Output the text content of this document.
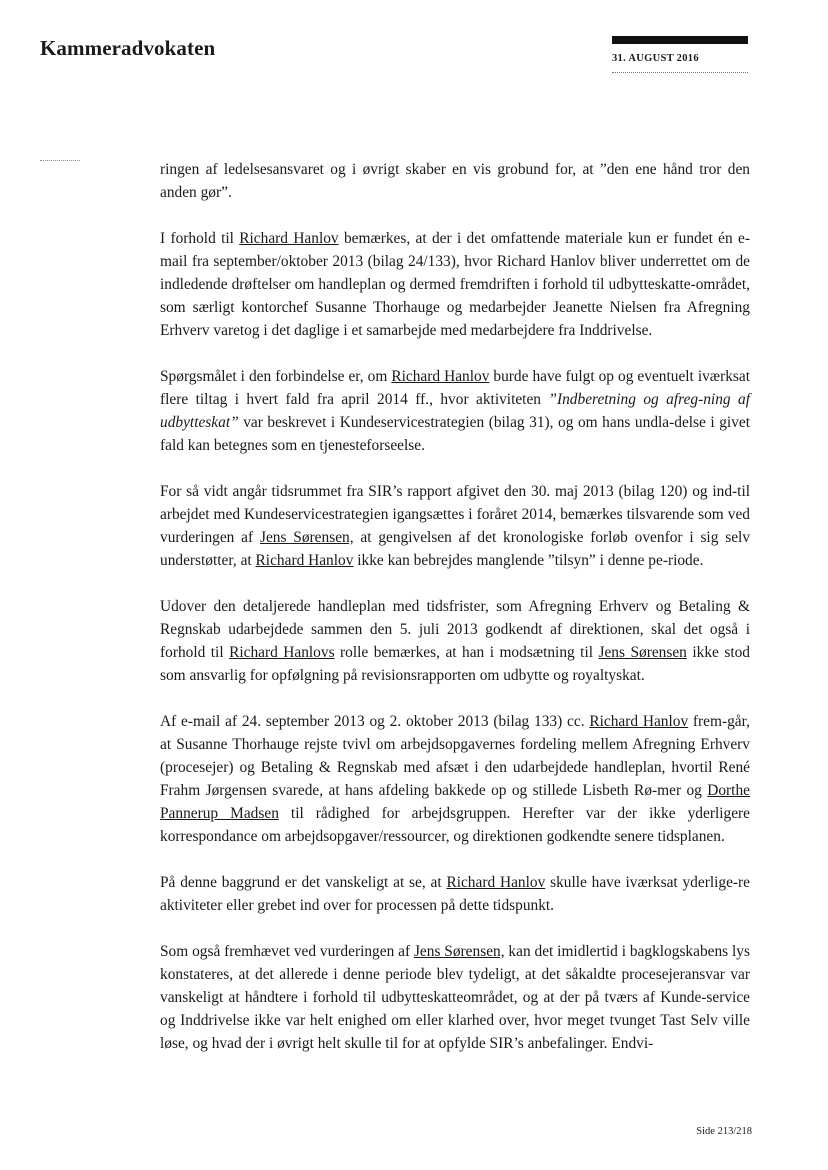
Kammeradvokaten	31. AUGUST 2016

ringen af ledelsesansvaret og i øvrigt skaber en vis grobund for, at ”den ene hånd tror den anden gør”.

I forhold til Richard Hanlov bemærkes, at der i det omfattende materiale kun er fundet én e-mail fra september/oktober 2013 (bilag 24/133), hvor Richard Hanlov bliver underrettet om de indledende drøftelser om handleplan og dermed fremdriften i forhold til udbytteskatte-området, som særligt kontorchef Susanne Thorhauge og medarbejder Jeanette Nielsen fra Afregning Erhverv varetog i det daglige i et samarbejde med medarbejdere fra Inddrivelse.

Spørgsmålet i den forbindelse er, om Richard Hanlov burde have fulgt op og eventuelt iværksat flere tiltag i hvert fald fra april 2014 ff., hvor aktiviteten ”Indberetning og afreg-ning af udbytteskat” var beskrevet i Kundeservicestrategien (bilag 31), og om hans undla-delse i givet fald kan betegnes som en tjenesteforseelse.

For så vidt angår tidsrummet fra SIR’s rapport afgivet den 30. maj 2013 (bilag 120) og ind-til arbejdet med Kundeservicestrategien igangsættes i foråret 2014, bemærkes tilsvarende som ved vurderingen af Jens Sørensen, at gengivelsen af det kronologiske forløb ovenfor i sig selv understøtter, at Richard Hanlov ikke kan bebrejdes manglende ”tilsyn” i denne pe-riode.

Udover den detaljerede handleplan med tidsfrister, som Afregning Erhverv og Betaling & Regnskab udarbejdede sammen den 5. juli 2013 godkendt af direktionen, skal det også i forhold til Richard Hanlovs rolle bemærkes, at han i modsætning til Jens Sørensen ikke stod som ansvarlig for opfølgning på revisionsrapporten om udbytte og royaltyskat.

Af e-mail af 24. september 2013 og 2. oktober 2013 (bilag 133) cc. Richard Hanlov frem-går, at Susanne Thorhauge rejste tvivl om arbejdsopgavernes fordeling mellem Afregning Erhverv (procesejer) og Betaling & Regnskab med afsæt i den udarbejdede handleplan, hvortil René Frahm Jørgensen svarede, at hans afdeling bakkede op og stillede Lisbeth Rø-mer og Dorthe Pannerup Madsen til rådighed for arbejdsgruppen. Herefter var der ikke yderligere korrespondance om arbejdsopgaver/ressourcer, og direktionen godkendte senere tidsplanen.

På denne baggrund er det vanskeligt at se, at Richard Hanlov skulle have iværksat yderlige-re aktiviteter eller grebet ind over for processen på dette tidspunkt.

Som også fremhævet ved vurderingen af Jens Sørensen, kan det imidlertid i bagklogskabens lys konstateres, at det allerede i denne periode blev tydeligt, at det såkaldte procesejeransvar var vanskeligt at håndtere i forhold til udbytteskatteområdet, og at der på tværs af Kunde-service og Inddrivelse ikke var helt enighed om eller klarhed over, hvor meget tvunget Tast Selv ville løse, og hvad der i øvrigt helt skulle til for at opfylde SIR’s anbefalinger. Endvi-

Side 213/218
